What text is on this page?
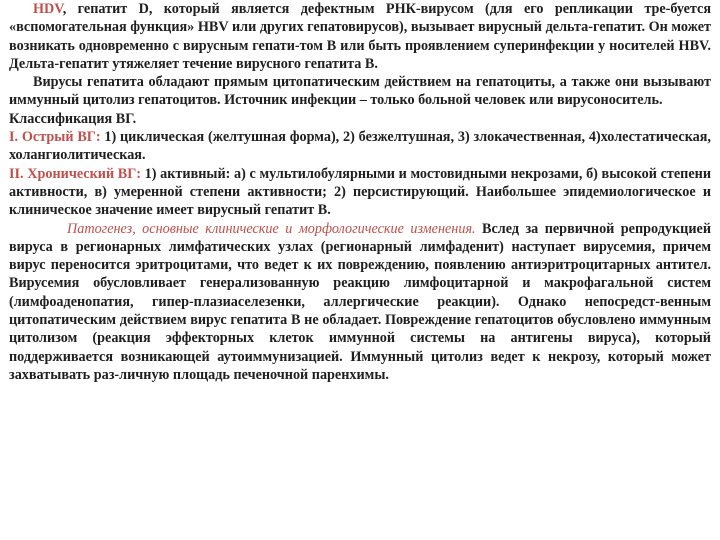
HDV, гепатит D, который является дефектным РНК-вирусом (для его репликации тре-буется «вспомогательная функция» HBV или других гепатовирусов), вызывает вирусный дельта-гепатит. Он может возникать одновременно с вирусным гепати-том B или быть проявлением суперинфекции у носителей HBV. Дельта-гепатит утяжеляет течение вирусного гепатита B.

Вирусы гепатита обладают прямым цитопатическим действием на гепатоциты, а также они вызывают иммунный цитолиз гепатоцитов. Источник инфекции – только больной человек или вирусоноситель.

Классификация ВГ.

I. Острый ВГ: 1) циклическая (желтушная форма), 2) безжелтушная, 3) злокачественная, 4)холестатическая, холангиолитическая.

II. Хронический ВГ: 1) активный: а) с мультилобулярными и мостовидными некрозами, б) высокой степени активности, в) умеренной степени активности; 2) персистирующий. Наибольшее эпидемиологическое и клиническое значение имеет вирусный гепатит B.

Патогенез, основные клинические и морфологические изменения. Вслед за первичной репродукцией вируса в регионарных лимфатических узлах (регионарный лимфаденит) наступает вирусемия, причем вирус переносится эритроцитами, что ведет к их повреждению, появлению антиэритроцитарных антител. Вирусемия обусловливает генерализованную реакцию лимфоцитарной и макрофагальной систем (лимфоаденопатия, гипер-плазиаселезенки, аллергические реакции). Однако непосредст-венным цитопатическим действием вирус гепатита B не обладает. Повреждение гепатоцитов обусловлено иммунным цитолизом (реакция эффекторных клеток иммунной системы на антигены вируса), который поддерживается возникающей аутоиммунизацией. Иммунный цитолиз ведет к некрозу, который может захватывать раз-личную площадь печеночной паренхимы.
